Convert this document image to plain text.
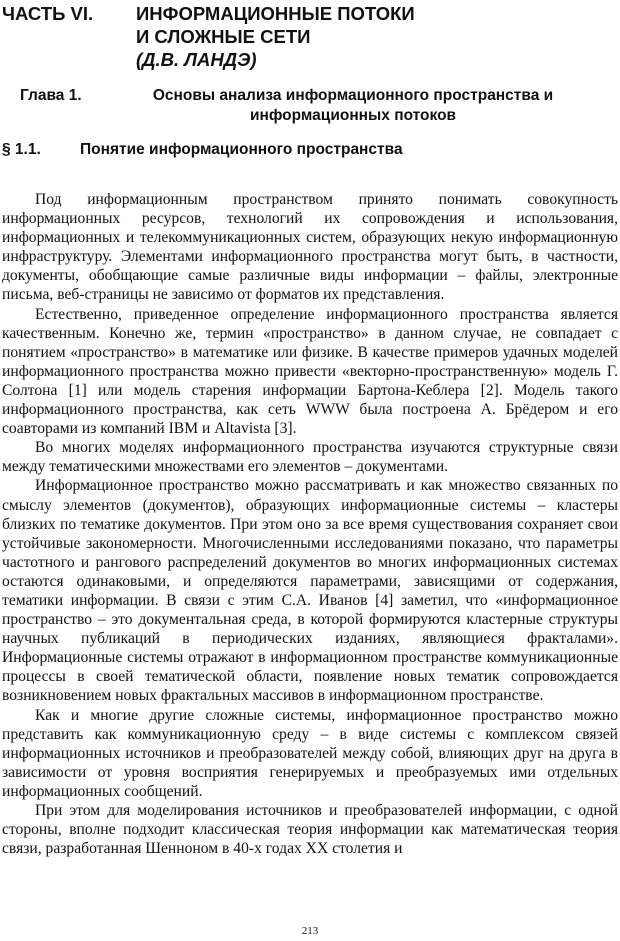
ЧАСТЬ VI. ИНФОРМАЦИОННЫЕ ПОТОКИ
И СЛОЖНЫЕ СЕТИ
(Д.В. ЛАНДЭ)
Глава 1.	Основы анализа информационного пространства и информационных потоков
§ 1.1.	Понятие информационного пространства

Под информационным пространством принято понимать совокупность информационных ресурсов, технологий их сопровождения и использования, информационных и телекоммуникационных систем, образующих некую информационную инфраструктуру. Элементами информационного пространства могут быть, в частности, документы, обобщающие самые различные виды информации – файлы, электронные письма, веб-страницы не зависимо от форматов их представления.

Естественно, приведенное определение информационного пространства является качественным. Конечно же, термин «пространство» в данном случае, не совпадает с понятием «пространство» в математике или физике. В качестве примеров удачных моделей информационного пространства можно привести «векторно-пространственную» модель Г. Солтона [1] или модель старения информации Бартона-Кеблера [2]. Модель такого информационного пространства, как сеть WWW была построена А. Брёдером и его соавторами из компаний IBM и Altavista [3].

Во многих моделях информационного пространства изучаются структурные связи между тематическими множествами его элементов – документами.

Информационное пространство можно рассматривать и как множество связанных по смыслу элементов (документов), образующих информационные системы – кластеры близких по тематике документов. При этом оно за все время существования сохраняет свои устойчивые закономерности. Многочисленными исследованиями показано, что параметры частотного и рангового распределений документов во многих информационных системах остаются одинаковыми, и определяются параметрами, зависящими от содержания, тематики информации. В связи с этим С.А. Иванов [4] заметил, что «информационное пространство – это документальная среда, в которой формируются кластерные структуры научных публикаций в периодических изданиях, являющиеся фракталами». Информационные системы отражают в информационном пространстве коммуникационные процессы в своей тематической области, появление новых тематик сопровождается возникновением новых фрактальных массивов в информационном пространстве.

Как и многие другие сложные системы, информационное пространство можно представить как коммуникационную среду – в виде системы с комплексом связей информационных источников и преобразователей между собой, влияющих друг на друга в зависимости от уровня восприятия генерируемых и преобразуемых ими отдельных информационных сообщений.

При этом для моделирования источников и преобразователей информации, с одной стороны, вполне подходит классическая теория информации как математическая теория связи, разработанная Шенноном в 40-х годах XX столетия и

213
